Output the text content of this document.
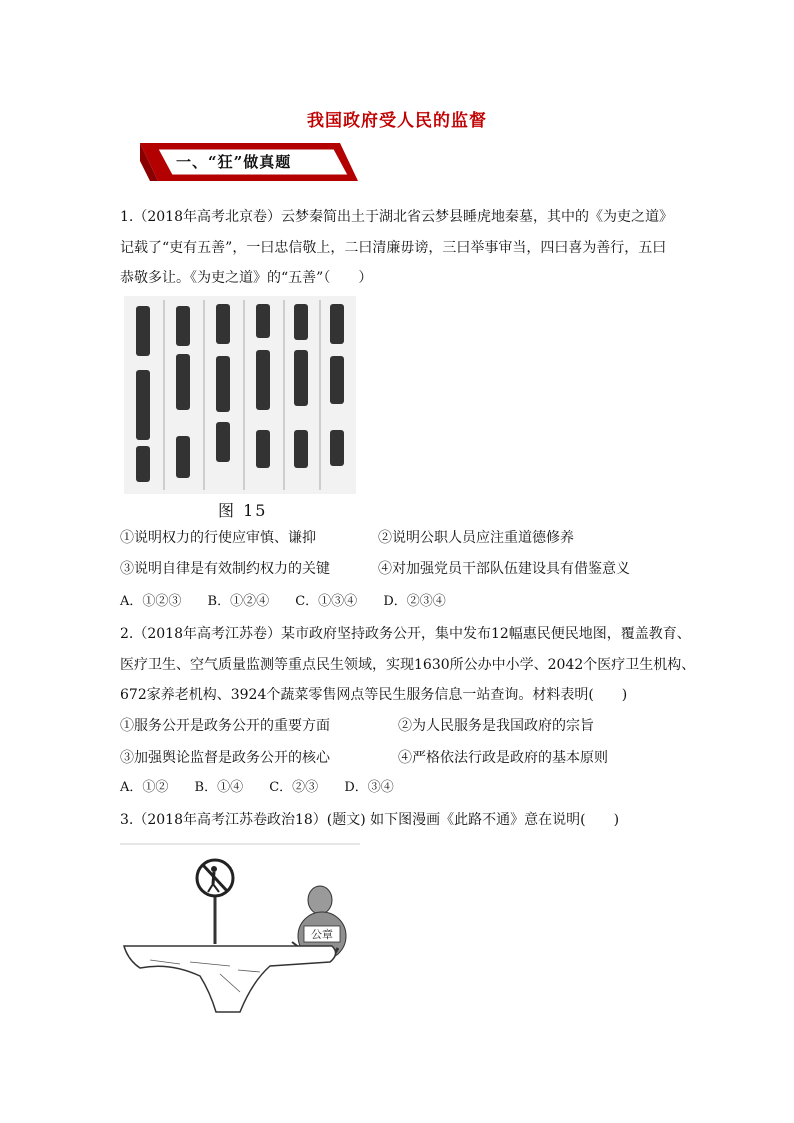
我国政府受人民的监督
一、“狂”做真题
1.（2018年高考北京卷）云梦秦简出土于湖北省云梦县睡虎地秦墓，其中的《为吏之道》
记载了“吏有五善”，一曰忠信敬上，二曰清廉毋谤，三曰举事审当，四曰喜为善行，五曰
恭敬多让。《为吏之道》的“五善”（　　）
图 15
①说明权力的行使应审慎、谦抑	②说明公职人员应注重道德修养
③说明自律是有效制约权力的关键	④对加强党员干部队伍建设具有借鉴意义
A．①②③ B．①②④ C．①③④ D．②③④
2.（2018年高考江苏卷）某市政府坚持政务公开，集中发布12幅惠民便民地图，覆盖教育、
医疗卫生、空气质量监测等重点民生领域，实现1630所公办中小学、2042个医疗卫生机构、
672家养老机构、3924个蔬菜零售网点等民生服务信息一站查询。材料表明(　　)
①服务公开是政务公开的重要方面	②为人民服务是我国政府的宗旨
③加强舆论监督是政务公开的核心	④严格依法行政是政府的基本原则
A．①② B．①④ C．②③ D．③④
3.（2018年高考江苏卷政治18）(题文) 如下图漫画《此路不通》意在说明(　　)
公章
